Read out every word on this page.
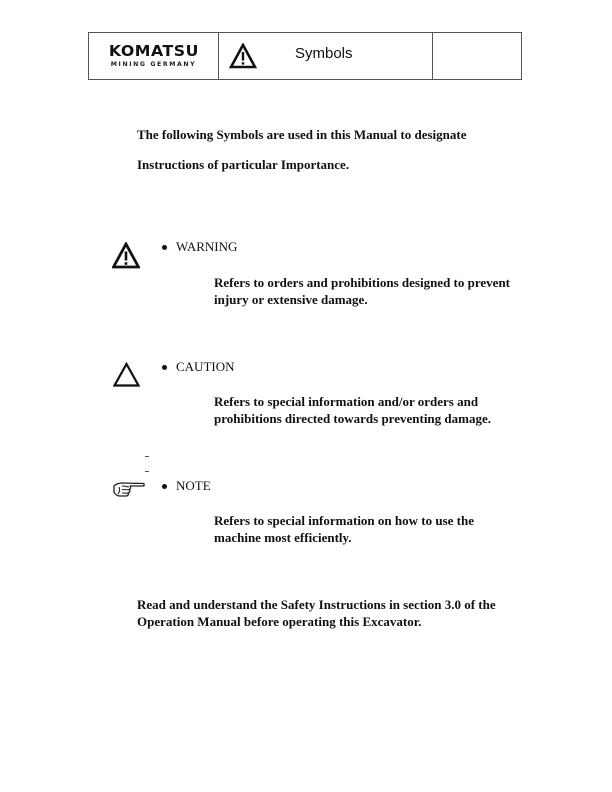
KOMATSU
MINING GERMANY
Symbols
The following Symbols are used in this Manual to designate
Instructions of particular Importance.
WARNING
Refers to orders and prohibitions designed to prevent
injury or extensive damage.
CAUTION
Refers to special information and/or orders and
prohibitions directed towards preventing damage.
NOTE
Refers to special information on how to use the
machine most efficiently.
Read and understand the Safety Instructions in section 3.0 of the
Operation Manual before operating this Excavator.
